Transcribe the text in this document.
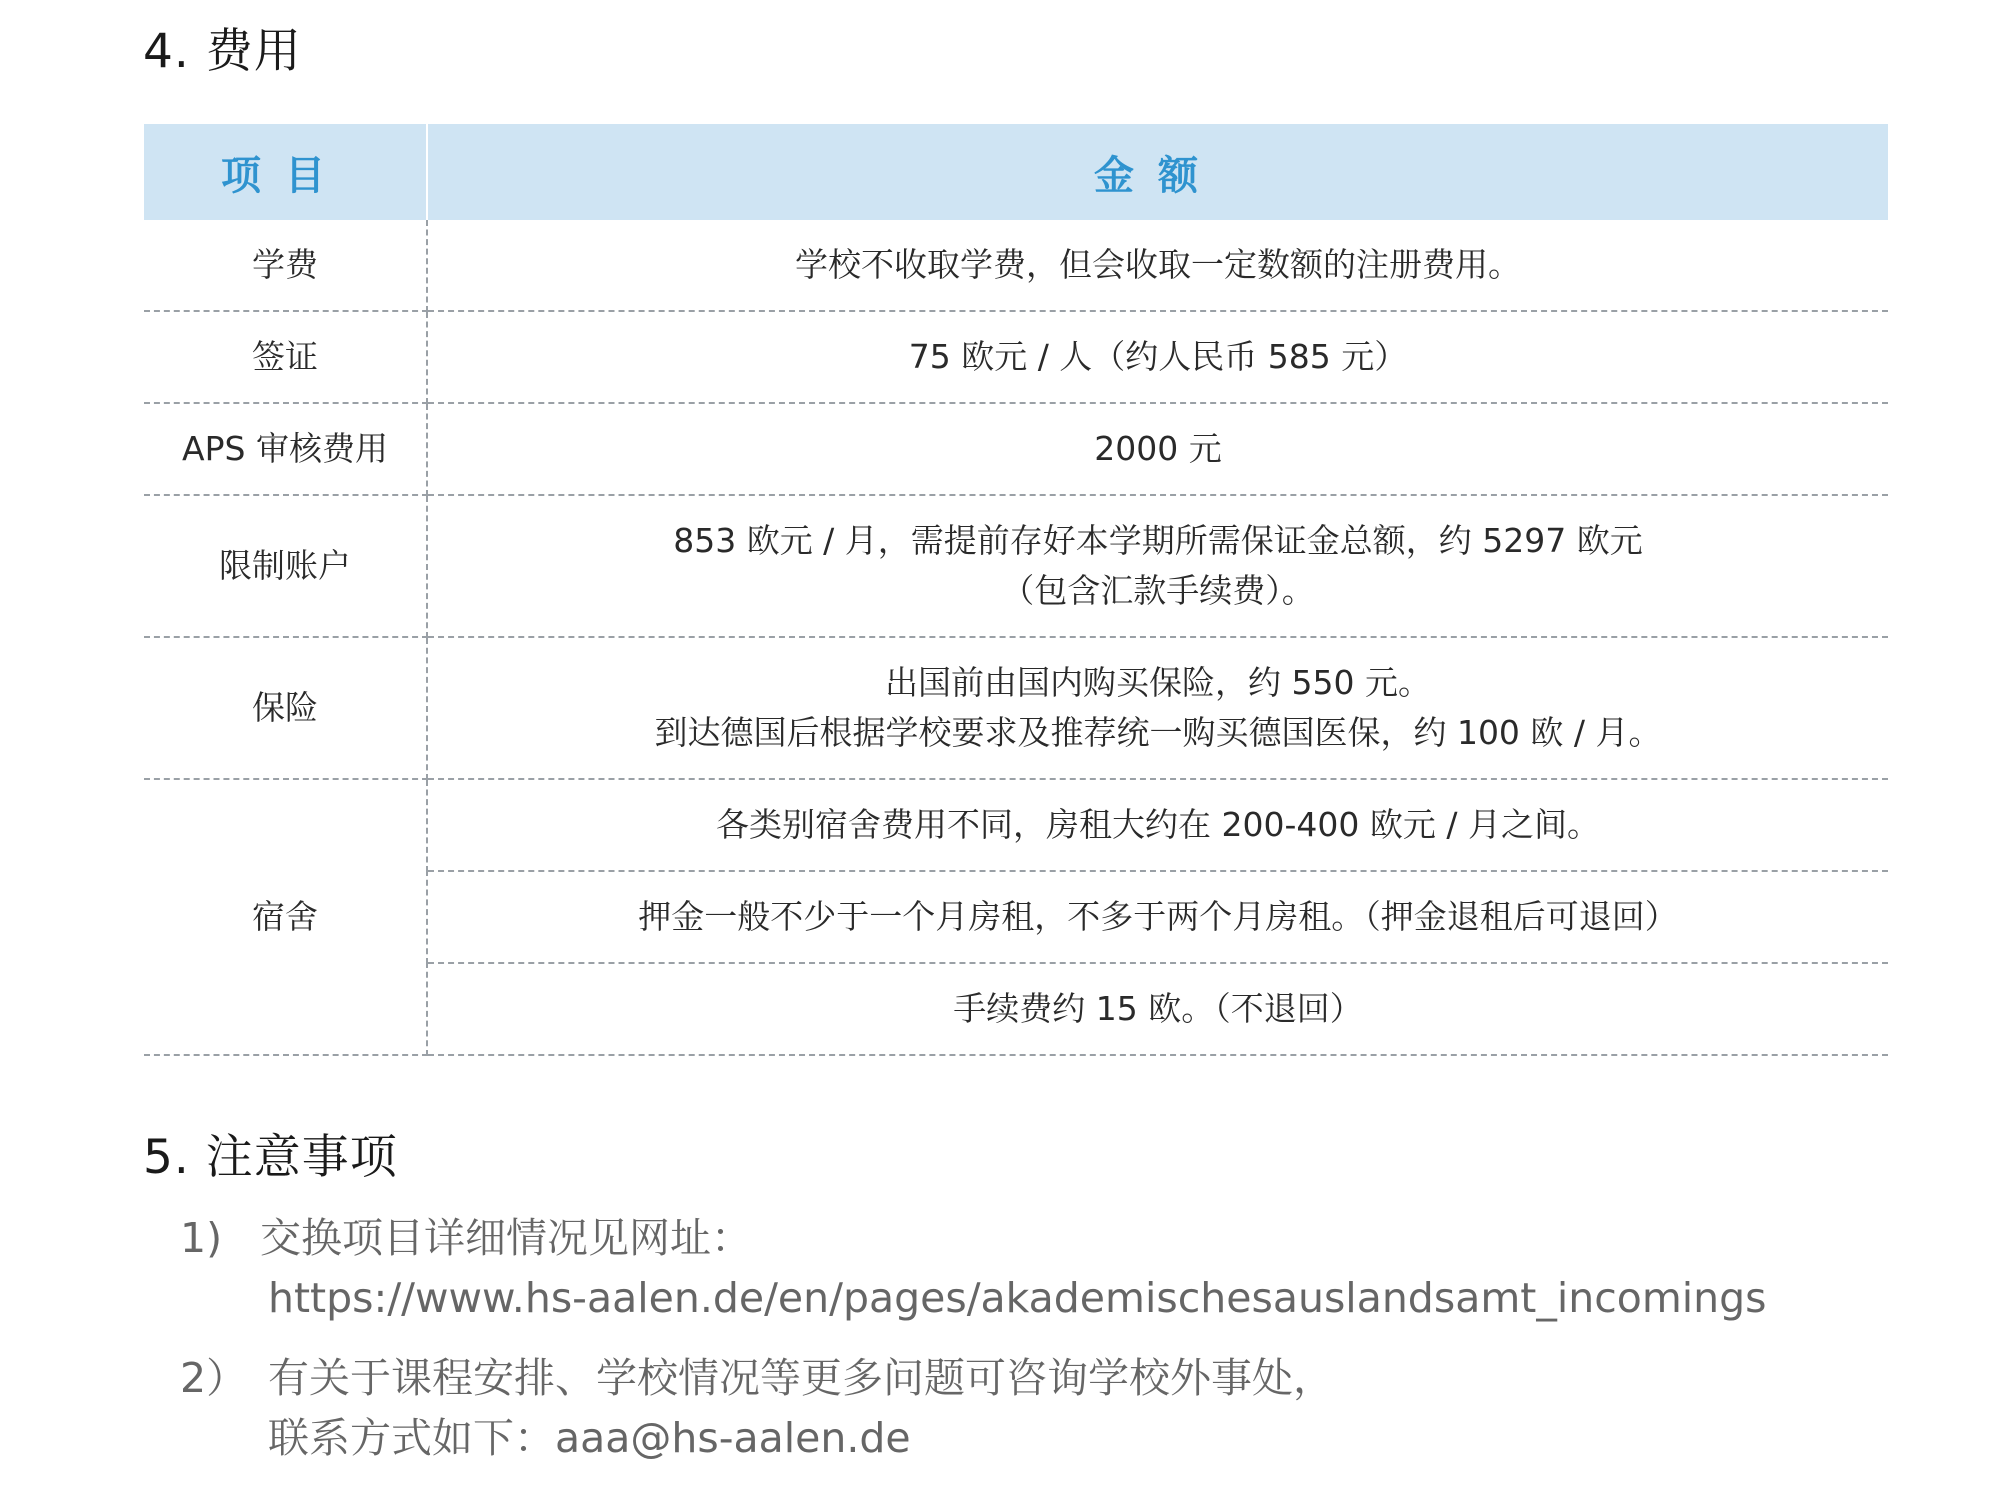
4. 费用
项目	金额
学费	学校不收取学费，但会收取一定数额的注册费用。
签证	75 欧元 / 人（约人民币 585 元）
APS 审核费用	2000 元
限制账户	853 欧元 / 月，需提前存好本学期所需保证金总额，约 5297 欧元
（包含汇款手续费）。

保险	出国前由国内购买保险，约 550 元。
到达德国后根据学校要求及推荐统一购买德国医保，约 100 欧 / 月。

宿舍	各类别宿舍费用不同，房租大约在 200-400 欧元 / 月之间。
	押金一般不少于一个月房租，不多于两个月房租。（押金退租后可退回）
	手续费约 15 欧。（不退回）
5. 注意事项
1) 交换项目详细情况见网址：
https://www.hs-aalen.de/en/pages/akademischesauslandsamt_incomings
2） 有关于课程安排、学校情况等更多问题可咨询学校外事处，
联系方式如下：aaa@hs-aalen.de
